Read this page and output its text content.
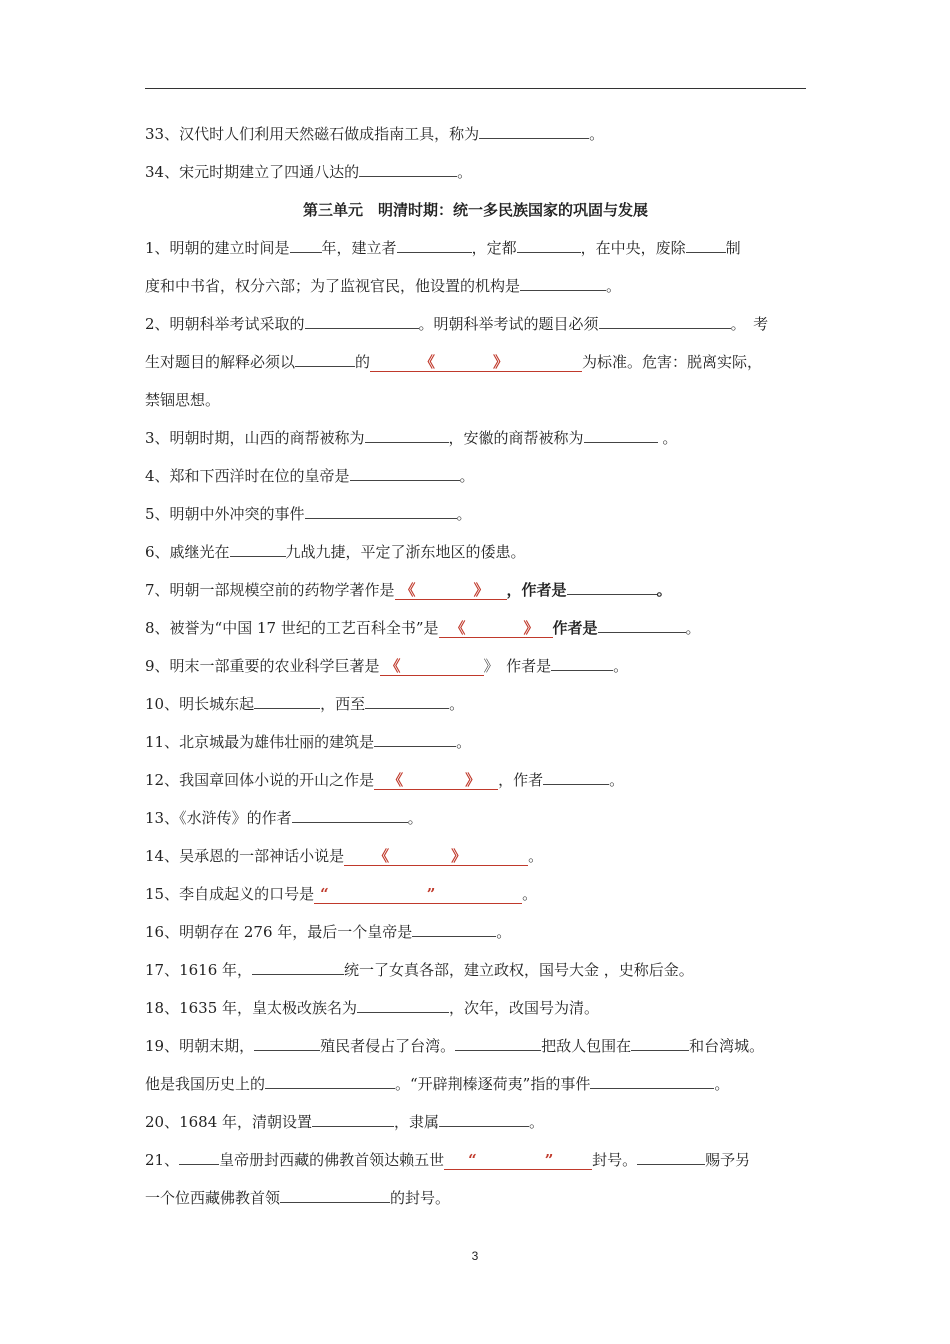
33、汉代时人们利用天然磁石做成指南工具，称为	。
34、宋元时期建立了四通八达的	。
第三单元　明清时期：统一多民族国家的巩固与发展
1、明朝的建立时间是 年，建立者	，定都	，在中央，废除	制
度和中书省，权分六部；为了监视官民，他设置的机构是	。
2、明朝科举考试采取的	。明朝科举考试的题目必须	。　考
生对题目的解释必须以	的	《	》	为标准。危害：脱离实际，
禁锢思想。
3、明朝时期，山西的商帮被称为	，安徽的商帮被称为	。
4、郑和下西洋时在位的皇帝是	。
5、明朝中外冲突的事件	。
6、戚继光在	九战九捷，平定了浙东地区的倭患。
7、明朝一部规模空前的药物学著作是 《	》 ，作者是	。
8、被誉为“中国 17 世纪的工艺百科全书”是 《	》 作者是	。
9、明末一部重要的农业科学巨著是 《	》　 作者是	。
10、明长城东起	，西至	。
11、北京城最为雄伟壮丽的建筑是	。
12、我国章回体小说的开山之作是 《	》 ，作者	。
13、《水浒传》的作者	。
14、吴承恩的一部神话小说是 《	》	。
15、李自成起义的口号是 “	”	。
16、明朝存在 276 年，最后一个皇帝是	。
17、1616 年，	统一了女真各部，建立政权，国号大金 ，史称后金。
18、1635 年，皇太极改族名为	，次年，改国号为清。
19、明朝末期，	殖民者侵占了台湾。	把敌人包围在	和台湾城。
他是我国历史上的	。“开辟荆榛逐荷夷”指的事件	。
20、1684 年，清朝设置	，隶属	。
21、	皇帝册封西藏的佛教首领达赖五世 “	”	封号。	赐予另
一个位西藏佛教首领	的封号。
3
